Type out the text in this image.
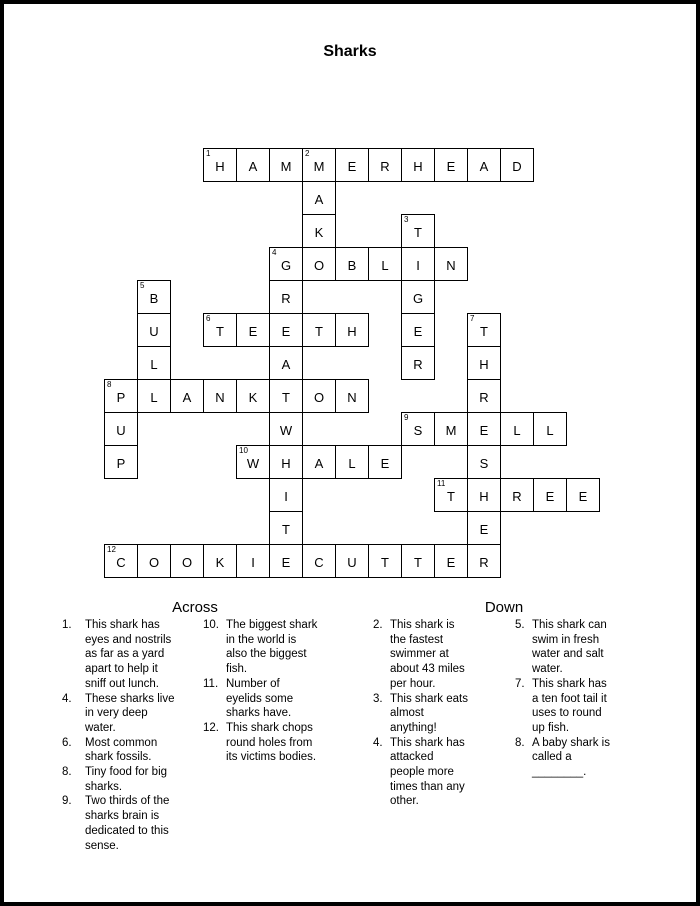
Sharks
H
1
A M M
2
E R H E A D
A
K	T
3
G
4
O B L I N
B
5
R	G
U	T
6
E E T H	E	T
7
L	A	R	H
P
8
L A N K T O N	R
U	W	S
9
M E L L
P	W
10
H A L E	S
I	T
11
H R E E
T	E
C
12
O O K I E C U T T E R
Across	Down
1.	This shark has eyes and nostrils as far as a yard apart to help it sniff out lunch.
4.	These sharks live in very deep water.
6.	Most common shark fossils.
8.	Tiny food for big sharks.
9.	Two thirds of the sharks brain is dedicated to this sense.
10. The biggest shark in the world is also the biggest fish.
11. Number of eyelids some sharks have.
12. This shark chops round holes from its victims bodies.
2. This shark is the fastest swimmer at about 43 miles per hour.
3. This shark eats almost anything!
4. This shark has attacked people more times than any other.
5. This shark can swim in fresh water and salt water.
7. This shark has a ten foot tail it uses to round up fish.
8. A baby shark is called a ________.
